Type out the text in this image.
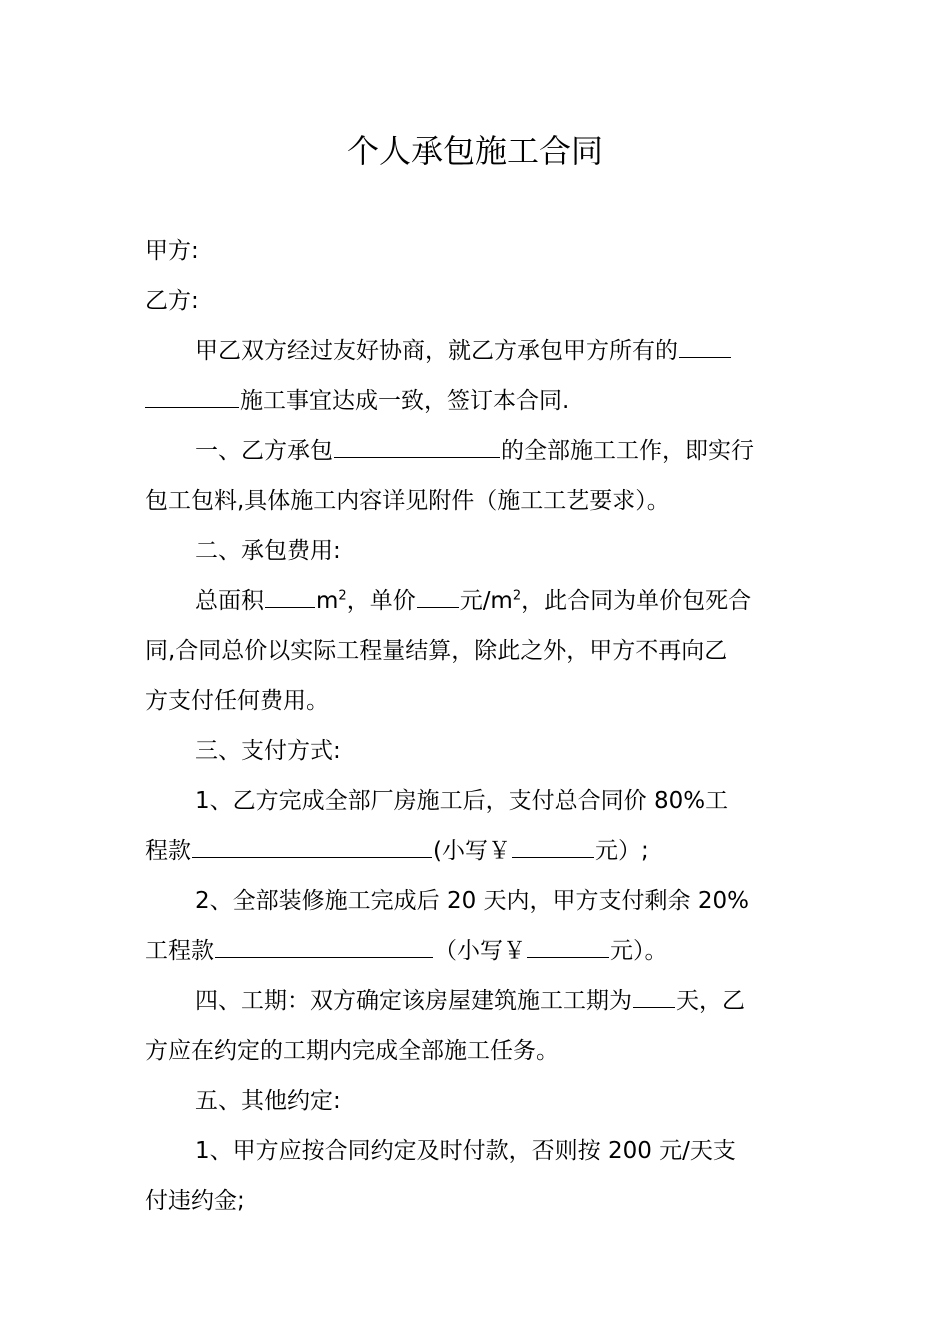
个人承包施工合同
甲方:
乙方:
甲乙双方经过友好协商，就乙方承包甲方所有的
施工事宜达成一致，签订本合同.
一、乙方承包	的全部施工工作，即实行
包工包料,具体施工内容详见附件（施工工艺要求）。
二、承包费用:
总面积 $m^2$，单价 元$/m^2$，此合同为单价包死合
同,合同总价以实际工程量结算，除此之外，甲方不再向乙
方支付任何费用。
三、支付方式:
1、乙方完成全部厂房施工后，支付总合同价 80%工
程款	(小写￥	元）;
2、全部装修施工完成后 20 天内，甲方支付剩余 20%
工程款	（小写￥	元）。
四、工期：双方确定该房屋建筑施工工期为 天，乙
方应在约定的工期内完成全部施工任务。
五、其他约定:
1、甲方应按合同约定及时付款，否则按 200 元/天支
付违约金;
